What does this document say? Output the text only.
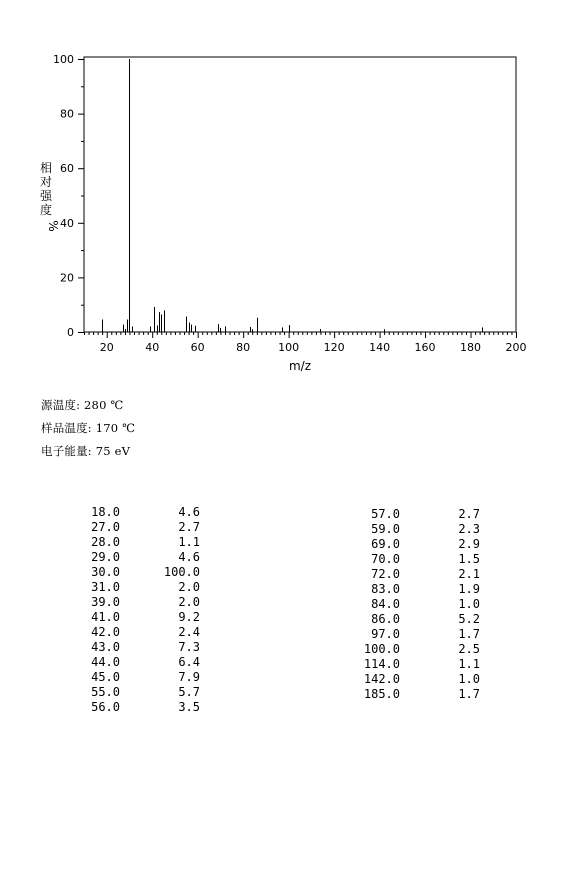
20	40	60	80	100 120 140 160 180 200
0
20
40
60
80
100
m/z
相
对
强
度
%
源温度: 280 ℃
样品温度: 170 ℃
电子能量: 75 eV
18.0	4.6
27.0	2.7
28.0	1.1
29.0	4.6
30.0	100.0
31.0	2.0
39.0	2.0
41.0	9.2
42.0	2.4
43.0	7.3
44.0	6.4
45.0	7.9
55.0	5.7
56.0	3.5
57.0	2.7
59.0	2.3
69.0	2.9
70.0	1.5
72.0	2.1
83.0	1.9
84.0	1.0
86.0	5.2
97.0	1.7
100.0	2.5
114.0	1.1
142.0	1.0
185.0	1.7
